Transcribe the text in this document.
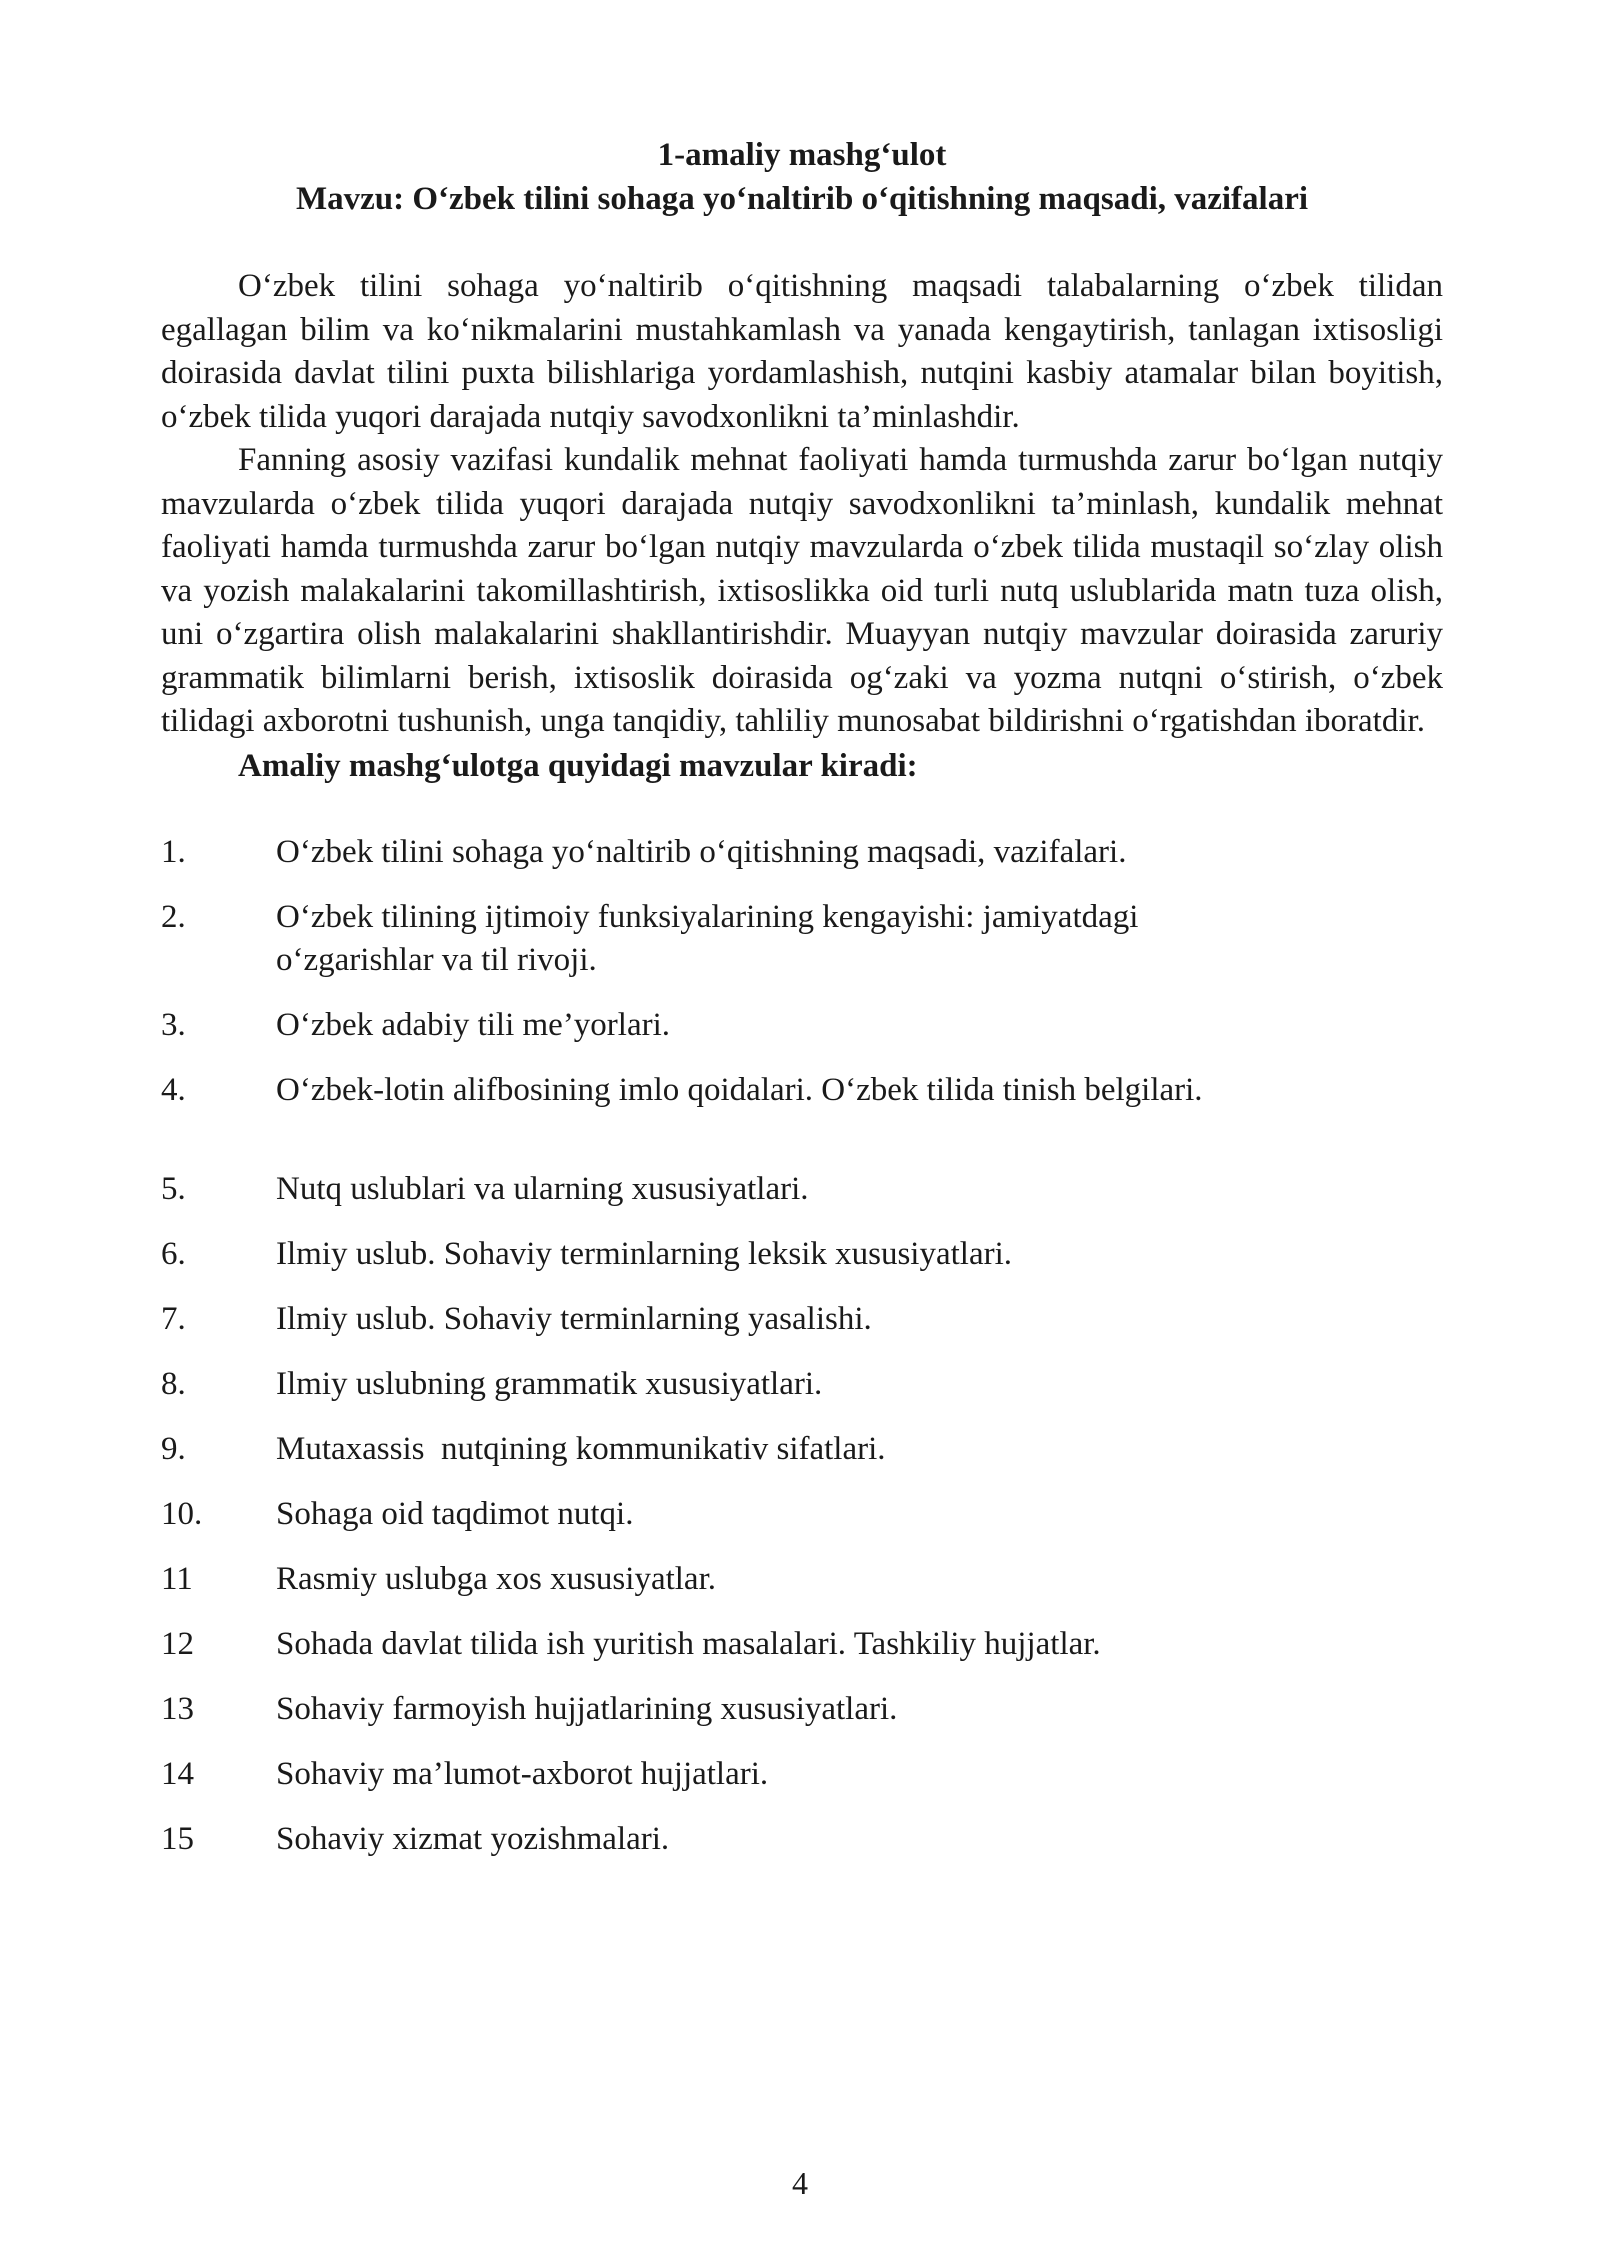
1-amaliy mashg‘ulot
Mavzu: O‘zbek tilini sohaga yo‘naltirib o‘qitishning maqsadi, vazifalari

O‘zbek tilini sohaga yo‘naltirib o‘qitishning maqsadi talabalarning o‘zbek tilidan egallagan bilim va ko‘nikmalarini mustahkamlash va yanada kengaytirish, tanlagan ixtisosligi doirasida davlat tilini puxta bilishlariga yordamlashish, nutqini kasbiy atamalar bilan boyitish, o‘zbek tilida yuqori darajada nutqiy savodxonlikni ta’minlashdir.

Fanning asosiy vazifasi kundalik mehnat faoliyati hamda turmushda zarur bo‘lgan nutqiy mavzularda o‘zbek tilida yuqori darajada nutqiy savodxonlikni ta’minlash, kundalik mehnat faoliyati hamda turmushda zarur bo‘lgan nutqiy mavzularda o‘zbek tilida mustaqil so‘zlay olish va yozish malakalarini takomillashtirish, ixtisoslikka oid turli nutq uslublarida matn tuza olish, uni o‘zgartira olish malakalarini shakllantirishdir. Muayyan nutqiy mavzular doirasida zaruriy grammatik bilimlarni berish, ixtisoslik doirasida og‘zaki va yozma nutqni o‘stirish, o‘zbek tilidagi axborotni tushunish, unga tanqidiy, tahliliy munosabat bildirishni o‘rgatishdan iboratdir.

Amaliy mashg‘ulotga quyidagi mavzular kiradi:

1.	O‘zbek tilini sohaga yo‘naltirib o‘qitishning maqsadi, vazifalari.
2.	O‘zbek tilining ijtimoiy funksiyalarining kengayishi: jamiyatdagi o‘zgarishlar va til rivoji.
3.	O‘zbek adabiy tili me’yorlari.
4.	O‘zbek-lotin alifbosining imlo qoidalari. O‘zbek tilida tinish belgilari.
5.	Nutq uslublari va ularning xususiyatlari.
6.	Ilmiy uslub. Sohaviy terminlarning leksik xususiyatlari.
7.	Ilmiy uslub. Sohaviy terminlarning yasalishi.
8.	Ilmiy uslubning grammatik xususiyatlari.
9.	Mutaxassis  nutqining kommunikativ sifatlari.
10.	Sohaga oid taqdimot nutqi.
11	Rasmiy uslubga xos xususiyatlar.
12	Sohada davlat tilida ish yuritish masalalari. Tashkiliy hujjatlar.
13	Sohaviy farmoyish hujjatlarining xususiyatlari.
14	Sohaviy ma’lumot-axborot hujjatlari.
15	Sohaviy xizmat yozishmalari.
4
